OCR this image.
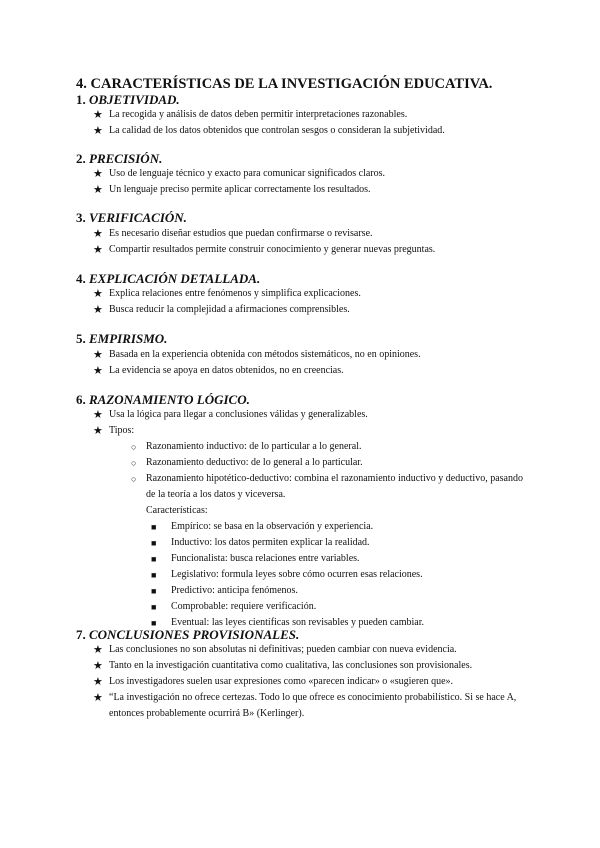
4. CARACTERÍSTICAS DE LA INVESTIGACIÓN EDUCATIVA.
1. OBJETIVIDAD.
★ La recogida y análisis de datos deben permitir interpretaciones razonables.
★ La calidad de los datos obtenidos que controlan sesgos o consideran la subjetividad.
2. PRECISIÓN.
★ Uso de lenguaje técnico y exacto para comunicar significados claros.
★ Un lenguaje preciso permite aplicar correctamente los resultados.
3. VERIFICACIÓN.
★ Es necesario diseñar estudios que puedan confirmarse o revisarse.
★ Compartir resultados permite construir conocimiento y generar nuevas preguntas.
4. EXPLICACIÓN DETALLADA.
★ Explica relaciones entre fenómenos y simplifica explicaciones.
★ Busca reducir la complejidad a afirmaciones comprensibles.
5. EMPIRISMO.
★ Basada en la experiencia obtenida con métodos sistemáticos, no en opiniones.
★ La evidencia se apoya en datos obtenidos, no en creencias.
6. RAZONAMIENTO LÓGICO.
★ Usa la lógica para llegar a conclusiones válidas y generalizables.
★ Tipos:
○ Razonamiento inductivo: de lo particular a lo general.
○ Razonamiento deductivo: de lo general a lo particular.
○ Razonamiento hipotético-deductivo: combina el razonamiento inductivo y deductivo, pasando de la teoría a los datos y viceversa.
Características:
■ Empírico: se basa en la observación y experiencia.
■ Inductivo: los datos permiten explicar la realidad.
■ Funcionalista: busca relaciones entre variables.
■ Legislativo: formula leyes sobre cómo ocurren esas relaciones.
■ Predictivo: anticipa fenómenos.
■ Comprobable: requiere verificación.
■ Eventual: las leyes científicas son revisables y pueden cambiar.
7. CONCLUSIONES PROVISIONALES.
★ Las conclusiones no son absolutas ni definitivas; pueden cambiar con nueva evidencia.
★ Tanto en la investigación cuantitativa como cualitativa, las conclusiones son provisionales.
★ Los investigadores suelen usar expresiones como «parecen indicar» o «sugieren que».
★ “La investigación no ofrece certezas. Todo lo que ofrece es conocimiento probabilístico. Si se hace A, entonces probablemente ocurrirá B» (Kerlinger).
